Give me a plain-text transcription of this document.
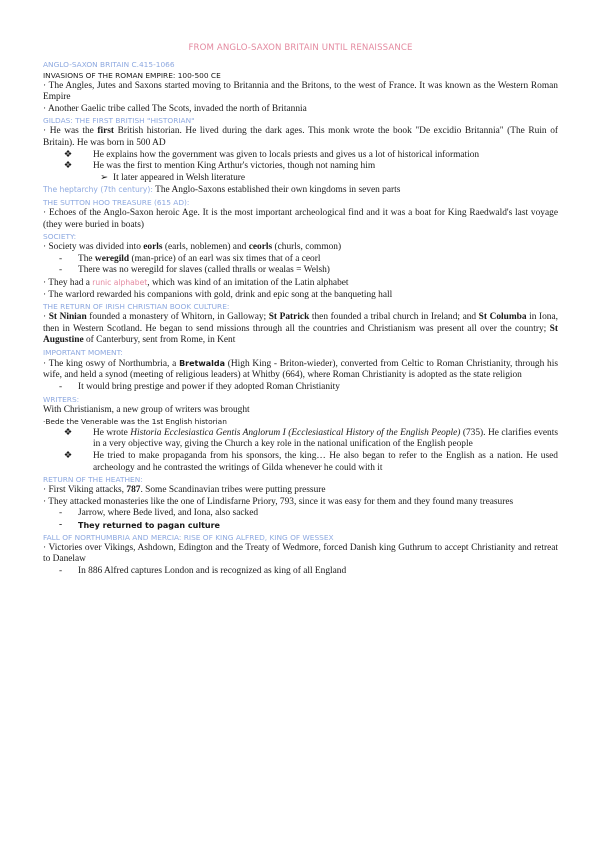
FROM ANGLO-SAXON BRITAIN UNTIL RENAISSANCE
ANGLO-SAXON BRITAIN C.415-1066
INVASIONS OF THE ROMAN EMPIRE: 100-500 CE
· The Angles, Jutes and Saxons started moving to Britannia and the Britons, to the west of France. It was known as the Western Roman Empire
· Another Gaelic tribe called The Scots, invaded the north of Britannia
GILDAS: THE FIRST BRITISH "HISTORIAN"
· He was the first British historian. He lived during the dark ages. This monk wrote the book "De excidio Britannia" (The Ruin of Britain). He was born in 500 AD
❖	He explains how the government was given to locals priests and gives us a lot of historical information
❖	He was the first to mention King Arthur's victories, though not naming him
➢ It later appeared in Welsh literature
The heptarchy (7th century): The Anglo-Saxons established their own kingdoms in seven parts
THE SUTTON HOO TREASURE (615 AD):
· Echoes of the Anglo-Saxon heroic Age. It is the most important archeological find and it was a boat for King Raedwald's last voyage (they were buried in boats)
SOCIETY:
· Society was divided into eorls (earls, noblemen) and ceorls (churls, common)
-	The weregild (man-price) of an earl was six times that of a ceorl
-	There was no weregild for slaves (called thralls or wealas = Welsh)
· They had a runic alphabet, which was kind of an imitation of the Latin alphabet
· The warlord rewarded his companions with gold, drink and epic song at the banqueting hall
THE RETURN OF IRISH CHRISTIAN BOOK CULTURE:
· St Ninian founded a monastery of Whitorn, in Galloway; St Patrick then founded a tribal church in Ireland; and St Columba in Iona, then in Western Scotland. He began to send missions through all the countries and Christianism was present all over the country; St Augustine of Canterbury, sent from Rome, in Kent
IMPORTANT MOMENT:
· The king oswy of Northumbria, a Bretwalda (High King - Briton-wieder), converted from Celtic to Roman Christianity, through his wife, and held a synod (meeting of religious leaders) at Whitby (664), where Roman Christianity is adopted as the state religion
-	It would bring prestige and power if they adopted Roman Christianity
WRITERS:
With Christianism, a new group of writers was brought
·Bede the Venerable was the 1st English historian
❖	He wrote Historia Ecclesiastica Gentis Anglorum I (Ecclesiastical History of the English People) (735). He clarifies events in a very objective way, giving the Church a key role in the national unification of the English people
❖	He tried to make propaganda from his sponsors, the king… He also began to refer to the English as a nation. He used archeology and he contrasted the writings of Gilda whenever he could with it
RETURN OF THE HEATHEN:
· First Viking attacks, 787. Some Scandinavian tribes were putting pressure
· They attacked monasteries like the one of Lindisfarne Priory, 793, since it was easy for them and they found many treasures
-	Jarrow, where Bede lived, and Iona, also sacked
-	They returned to pagan culture
FALL OF NORTHUMBRIA AND MERCIA: RISE OF KING ALFRED, KING OF WESSEX
· Victories over Vikings, Ashdown, Edington and the Treaty of Wedmore, forced Danish king Guthrum to accept Christianity and retreat to Danelaw
-	In 886 Alfred captures London and is recognized as king of all England
